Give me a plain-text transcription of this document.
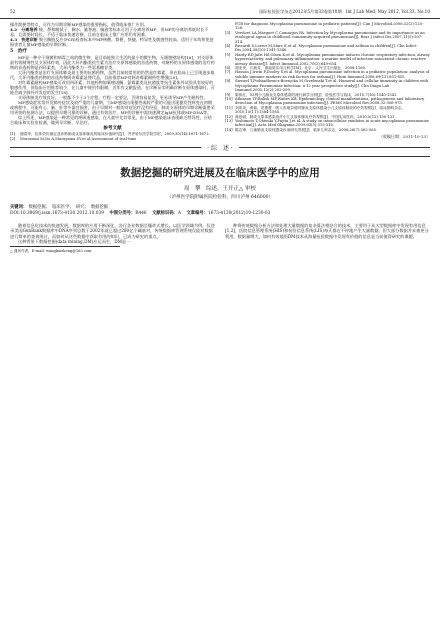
52	国际检验医学杂志2012年5月第33卷第10期　Int J Lab Med, May 2012, Vol.33, No.10

操作简便等特点，可作为早期诊断MP感染的重要指标，值得临床推广应用。

4.2　分离培养 痰、鼻和咽拭子、胸水、脑脊液、胸液等标本可用于分离培养MP，但MP的分离培养耗时长不易，且需要时间长，不适于临床快速诊断，目前在临床上推广应用仍有困难。

4.3　快速诊断 聚合酶链反应(PCR)检查标本中MP核酸，简便、快捷、特异性及敏感性较高，适用于年幼和免疫损害者儿童MP感染的早期诊断。

5　治疗

MP是一种介于细菌和病毒之间的微生物，是目前能独立生活的最小的微生物，无细胞壁结构[16]，对支原体最有效制剂性及支原体疗效，因此大环内酯类抗生素为治疗支原体感染的首选药物，对耐药的支原体感染的治疗药物的首选药物是四环素类，大环内酯类为一些氨基糖苷类。

大环内酯类是治疗支原体肺炎最主要的抗菌药物，虽然目前较常用的仍然是红霉素，但在临床上已呈现逐步取代，大环内酯类药物的首选药物阿奇霉素是替代品，目前推荐MP对阿奇霉素耐药性增强[20]。

对红霉素耐药MP感染可改用四环素。其他药物如氟喹诺酮、氯霉素类及抗菌肽等抗生素体外试验具有较好的敏感作用，但临床应用推荐较少，在儿童中使用有限制，近年有文献报道，在诊断证实明确诊断支原体感染时，可能会减少肺外并发症的发生[18]。

支原体肺炎疗效良好，一般都不少于3个疗程，疗程一定要足，否则容易复发，更易诱导MP产生耐药性。

MP感染症状常并发肺外症状及较严重的儿童期，当MP感染出现暴性或较严重的可能出现暴发性病变在初期或病程中，可能有心、脑、肝等多器官损害，由于早期对一般的对症治疗没有经验，肺炎支原体的早期诊断需要采用更快的检测方法，以提供早期可靠的诊断，通过有效治疗，MP的诊断中需快速测定IgM抗体或MP-DNA等。

综上所述，MP感染是一种常见的呼吸道感染，在儿童中尤其常见，由于MP感染临床表现缺乏特异性，应结合临床和实验室检测，做到早诊断、早治疗。

参考文献

[1]	谢春华，抗体效价测定及诊断肺炎支原体肺炎的临床价值研究[J]．齐齐哈尔医学院学报，2009,30(14):1671-1672.
[2]	Morozumi M,Ito A,Murayama SY,et al.Assessment of real-time
PCR for diagnosis Mycoplasma pneumoniae in pediatric patients[J]. Can J Microbiol,2006,52(2):125-126.
[3]	Vervloet LA,Marguet C,Camargos PA. Infection by Mycoplasma pneumoniae and its importance as an etiological agent in childhood community-acquired pneumonias[J]. Braz J Infect Dis,2007,11(5):507-514.
[4]	Biscardi S,Lorrot M,Marc E,et al. Mycoplasma pneumoniae and asthma in children[J]. Clin Infect Dis,2004,38(10):1341-1346.
[5]	Hardy RD,Jafri HS,Olsen K,et al. Mycoplasma pneumoniae induces chronic respiratory infection, airway hyperreactivity, and pulmonary inflammation: a murine model of infection-associated chronic reactive airway disease[J]. Infect Immunol,2002,70(2):649-654.
[6]	胡亚美，江载芳．诸福棠实用儿科学[M]．北京：人民卫生出版社，2008:1160.
[7]	Hassan J,Irwin F,Dooley S,et al. Mycoplasma pneumoniae infection in a pediatric population: analysis of soluble immune markers as risk factors for asthma[J]. Hum Immunol,2008,69(12):851-855.
[8]	Stenzel T,Podsiadłowicz-Borzęcka M,Grzelenski T,et al. Humoral and cellular immunity in children with Mycoplasma Pneumoniae infection: a 12 year prospective study[J]. Clin Diagn Lab Immunol,2005,12(2):202-209.
[9]	陈伟红，53例小儿肺炎支原体感染的流行病学分析[J]．检验医学与临床，2010,7(16):1540-1541.
[10] Atkinson TP,Balish MF,Waites KB. Epidemiology, clinical manifestations, pathogenesis and laboratory detection of Mycoplasma pneumoniae infection[J]. FEMS Microbiol Rev,2008,32:956-973.
[11] 刘凤英，黄菊，范蕾蕾．吸入布地奈德对肺炎支原体感染小儿支原体肺炎的疗效观察[J]．临床肺科杂志，2010,15(11):1584-1585.
[12] 蒋爱丽．肺炎支原体感染治疗小儿支原体肺炎疗效观察[J]．中国实用医药，2010,5(12):130-131.
[13] Yoshimoto T,Ohtsuki Y,Fujita J,et al. A study on intracellular exudates in acute mycoplasma pneumoniae infection[J]. Acta Med Okayama,2009,63(5):315-316.
[14] 陈志锋．儿童肺炎支原体感染诊治研究进展[J]．临床儿科杂志，2008,26(7):562-565.

（收稿日期：2011-10-13）

· 综　述 ·
数据挖掘的研究进展及在临床医学中的应用
周　攀　综述，王开正△ 审校
（泸州医学院附属医院检验科，四川泸州 646000）
关键词： 数据挖掘；　临床医学；　研究；　数据挖掘
DOI:10.3969/j.issn.1673-4130.2012.10.039 中图分类号：R446 文献标识码：A 文章编号：1673-4130(2012)10-1230-03

随着信息化技术的快速发展，数据库的应用不断深化，各行各业数据呈爆炸式增长。以医学领域为例，仅登录美国GenBank数据库中DNA序列总数于2002年就已超过280亿个碱基对，传统数据库管理系统仅能对数据进行简单的查询统计，而如何从这些数据中获取有用的知识，已成为研究的重点。

这种背景下数据挖掘(data mining,DM)应运而生，DM是一

△ 通讯作者，E-mail: wangkaizheng@163.com

种将传统数据分析方法和处理大量数据的复杂算法相结合的技术，主要用于从大型数据库中发现有用信息[1,2]，医院信息管理系统(HIS)和检验信息系统(LIS)每天都在不停地产生大量数据，但大部分数据并未被充分利用，数据量增大，如何有效地用DM技术从海量检验数据中发现有价值的信息是当前值得研究的课题。
